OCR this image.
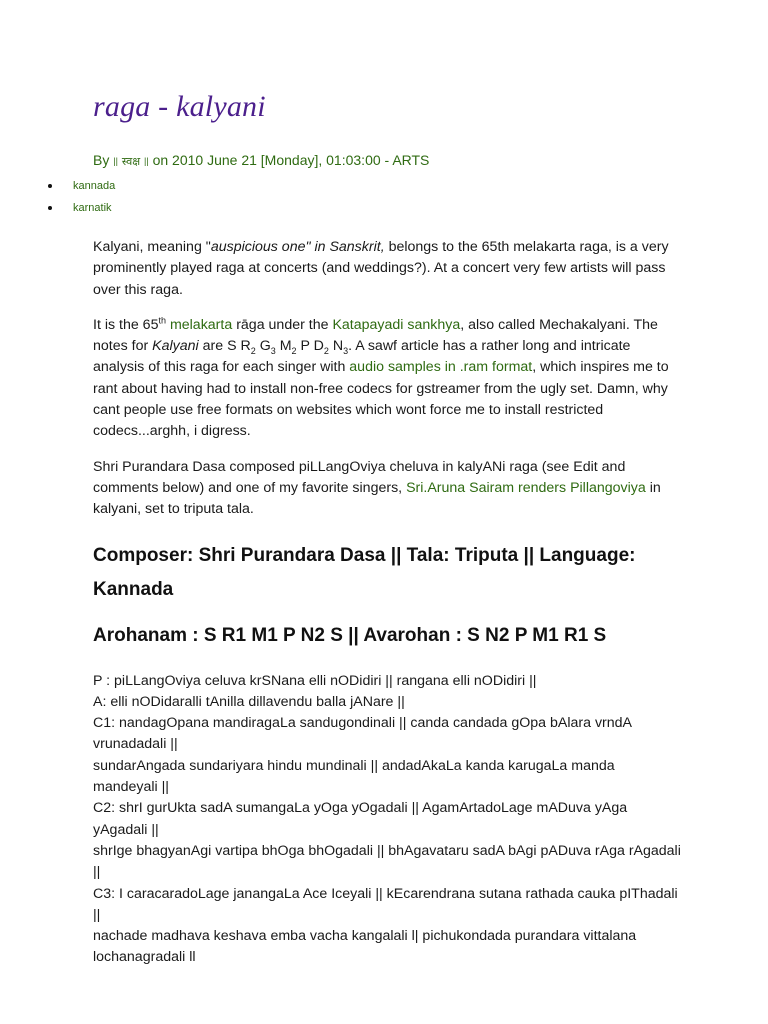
raga - kalyani
By || स्वक्ष || on 2010 June 21 [Monday], 01:03:00 - ARTS
kannada
karnatik

Kalyani, meaning "auspicious one" in Sanskrit, belongs to the 65th melakarta raga, is a very prominently played raga at concerts (and weddings?). At a concert very few artists will pass over this raga.

It is the 65th melakarta rāga under the Katapayadi sankhya, also called Mechakalyani. The notes for Kalyani are S $R_2$ $G_3$ $M_2$ P $D_2$ $N_3$. A sawf article has a rather long and intricate analysis of this raga for each singer with audio samples in .ram format, which inspires me to rant about having had to install non-free codecs for gstreamer from the ugly set. Damn, why cant people use free formats on websites which wont force me to install restricted codecs...arghh, i digress.

Shri Purandara Dasa composed piLLangOviya cheluva in kalyANi raga (see Edit and comments below) and one of my favorite singers, Sri.Aruna Sairam renders Pillangoviya in kalyani, set to triputa tala.

Composer: Shri Purandara Dasa || Tala: Triputa || Language: Kannada
Arohanam : S R1 M1 P N2 S || Avarohan : S N2 P M1 R1 S

P : piLLangOviya celuva krSNana elli nODidiri || rangana elli nODidiri ||

A: elli nODidaralli tAnilla dillavendu balla jANare ||

C1: nandagOpana mandiragaLa sandugondinali || canda candada gOpa bAlara vrndA vrunadadali ||

sundarAngada sundariyara hindu mundinali || andadAkaLa kanda karugaLa manda mandeyali ||

C2: shrI gurUkta sadA sumangaLa yOga yOgadali || AgamArtadoLage mADuva yAga yAgadali ||

shrIge bhagyanAgi vartipa bhOga bhOgadali || bhAgavataru sadA bAgi pADuva rAga rAgadali ||

C3: I caracaradoLage janangaLa Ace Iceyali || kEcarendrana sutana rathada cauka pIThadali ||

nachade madhava keshava emba vacha kangalali l| pichukondada purandara vittalana lochanagradali ll
